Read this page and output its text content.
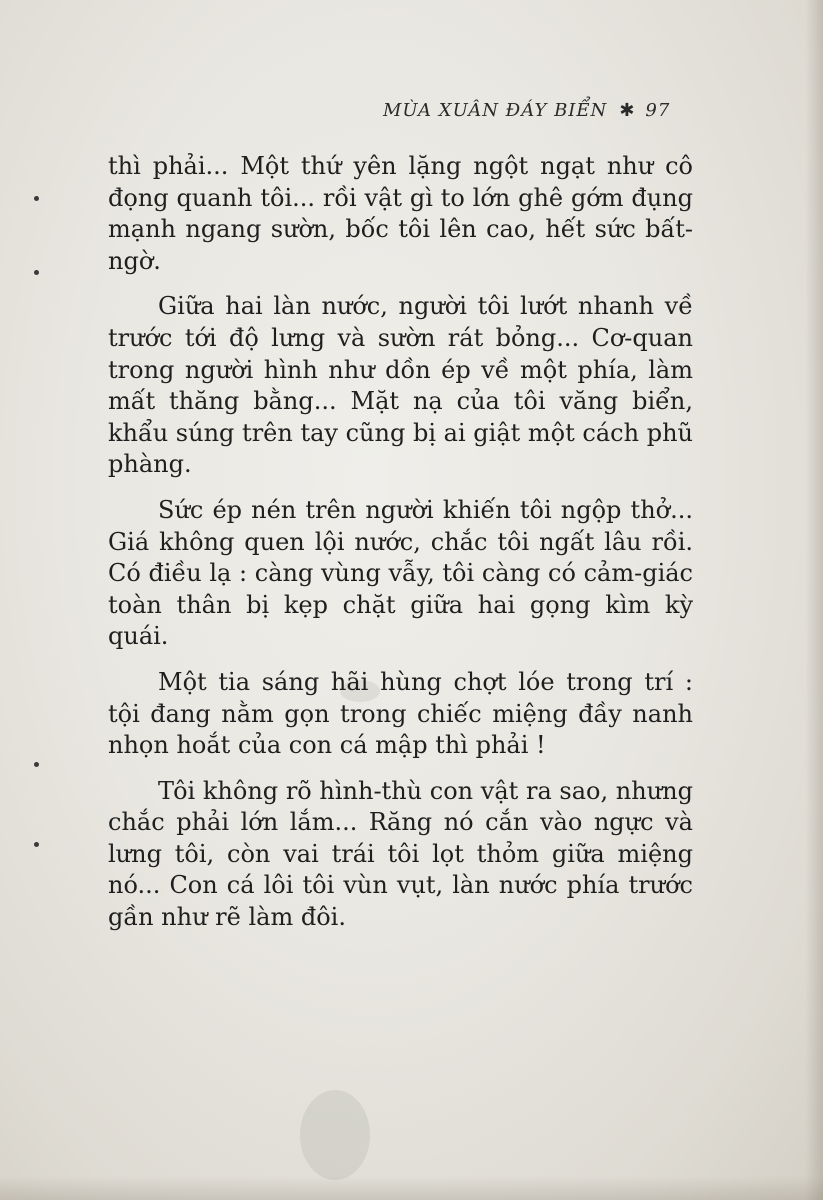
MÙA XUÂN ĐÁY BIỂN ✱ 97

thì phải... Một thứ yên lặng ngột ngạt như cô đọng quanh tôi... rồi vật gì to lớn ghê gớm đụng mạnh ngang sườn, bốc tôi lên cao, hết sức bất-ngờ.

Giữa hai làn nước, người tôi lướt nhanh về trước tới độ lưng và sườn rát bỏng... Cơ-quan trong người hình như dồn ép về một phía, làm mất thăng bằng... Mặt nạ của tôi văng biển, khẩu súng trên tay cũng bị ai giật một cách phũ phàng.

Sức ép nén trên người khiến tôi ngộp thở... Giá không quen lội nước, chắc tôi ngất lâu rồi. Có điều lạ : càng vùng vẫy, tôi càng có cảm-giác toàn thân bị kẹp chặt giữa hai gọng kìm kỳ quái.

Một tia sáng hãi hùng chợt lóe trong trí : tội đang nằm gọn trong chiếc miệng đầy nanh nhọn hoắt của con cá mập thì phải !

Tôi không rõ hình-thù con vật ra sao, nhưng chắc phải lớn lắm... Răng nó cắn vào ngực và lưng tôi, còn vai trái tôi lọt thỏm giữa miệng nó... Con cá lôi tôi vùn vụt, làn nước phía trước gần như rẽ làm đôi.
